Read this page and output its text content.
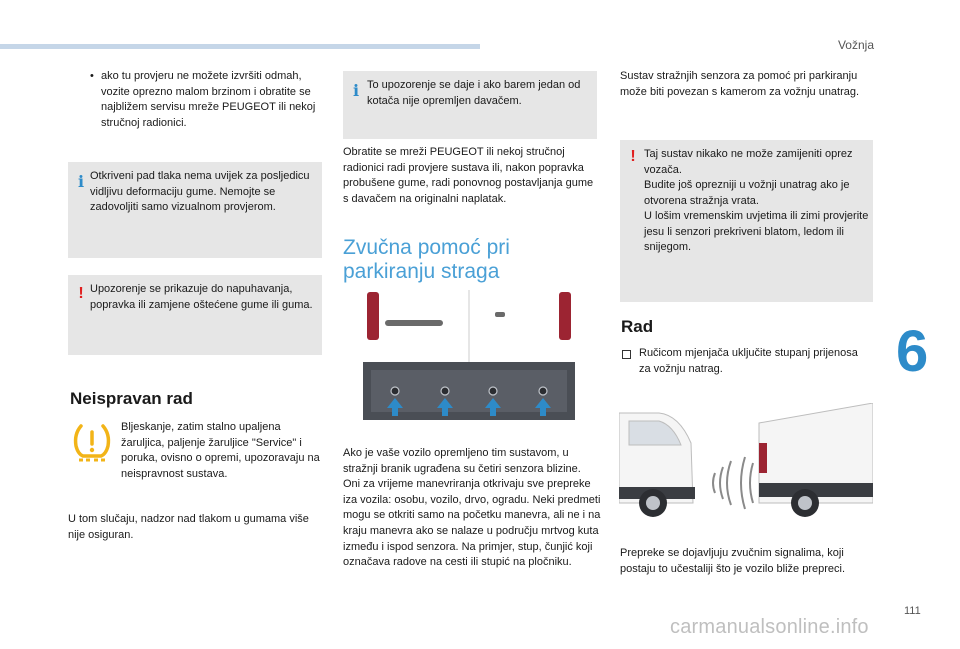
Vožnja
• ako tu provjeru ne možete izvršiti odmah, vozite oprezno malom brzinom i obratite se najbližem servisu mreže PEUGEOT ili nekoj stručnoj radionici.

i Otkriveni pad tlaka nema uvijek za posljedicu vidljivu deformaciju gume. Nemojte se zadovoljiti samo vizualnom provjerom.

! Upozorenje se prikazuje do napuhavanja, popravka ili zamjene oštećene gume ili guma.

Neispravan rad

Bljeskanje, zatim stalno upaljena žaruljica, paljenje žaruljice "Service" i poruka, ovisno o opremi, upozoravaju na neispravnost sustava.

U tom slučaju, nadzor nad tlakom u gumama više nije osiguran.

i To upozorenje se daje i ako barem jedan od kotača nije opremljen davačem.

Obratite se mreži PEUGEOT ili nekoj stručnoj radionici radi provjere sustava ili, nakon popravka probušene gume, radi ponovnog postavljanja gume s davačem na originalni naplatak.

Zvučna pomoć pri parkiranju straga

Ako je vaše vozilo opremljeno tim sustavom, u stražnji branik ugrađena su četiri senzora blizine. Oni za vrijeme manevriranja otkrivaju sve prepreke iza vozila: osobu, vozilo, drvo, ogradu. Neki predmeti mogu se otkriti samo na početku manevra, ali ne i na kraju manevra ako se nalaze u području mrtvog kuta između i ispod senzora. Na primjer, stup, čunjić koji označava radove na cesti ili stupić na pločniku.

Sustav stražnjih senzora za pomoć pri parkiranju može biti povezan s kamerom za vožnju unatrag.

! Taj sustav nikako ne može zamijeniti oprez vozača.

Budite još oprezniji u vožnji unatrag ako je otvorena stražnja vrata.

U lošim vremenskim uvjetima ili zimi provjerite jesu li senzori prekriveni blatom, ledom ili snijegom.

Rad

Ručicom mjenjača uključite stupanj prijenosa za vožnju natrag.

Prepreke se dojavljuju zvučnim signalima, koji postaju to učestaliji što je vozilo bliže prepreci.

6
111
carmanualsonline.info
